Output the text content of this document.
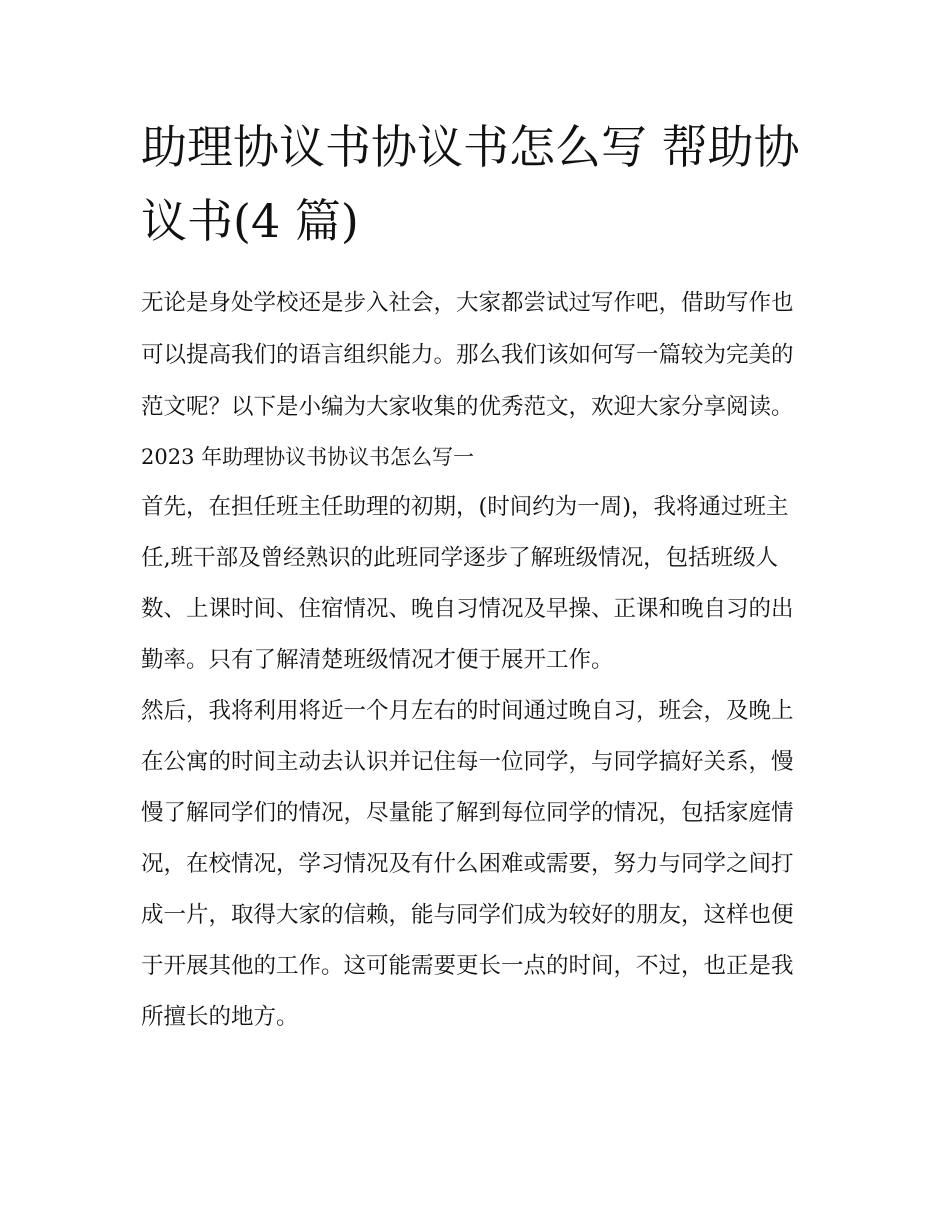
助理协议书协议书怎么写 帮助协议书(4 篇)

无论是身处学校还是步入社会，大家都尝试过写作吧，借助写作也可以提高我们的语言组织能力。那么我们该如何写一篇较为完美的范文呢？以下是小编为大家收集的优秀范文，欢迎大家分享阅读。

2023 年助理协议书协议书怎么写一

首先，在担任班主任助理的初期，(时间约为一周)，我将通过班主任,班干部及曾经熟识的此班同学逐步了解班级情况，包括班级人数、上课时间、住宿情况、晚自习情况及早操、正课和晚自习的出勤率。只有了解清楚班级情况才便于展开工作。

然后，我将利用将近一个月左右的时间通过晚自习，班会，及晚上在公寓的时间主动去认识并记住每一位同学，与同学搞好关系，慢慢了解同学们的情况，尽量能了解到每位同学的情况，包括家庭情况，在校情况，学习情况及有什么困难或需要，努力与同学之间打成一片，取得大家的信赖，能与同学们成为较好的朋友，这样也便于开展其他的工作。这可能需要更长一点的时间，不过，也正是我所擅长的地方。
